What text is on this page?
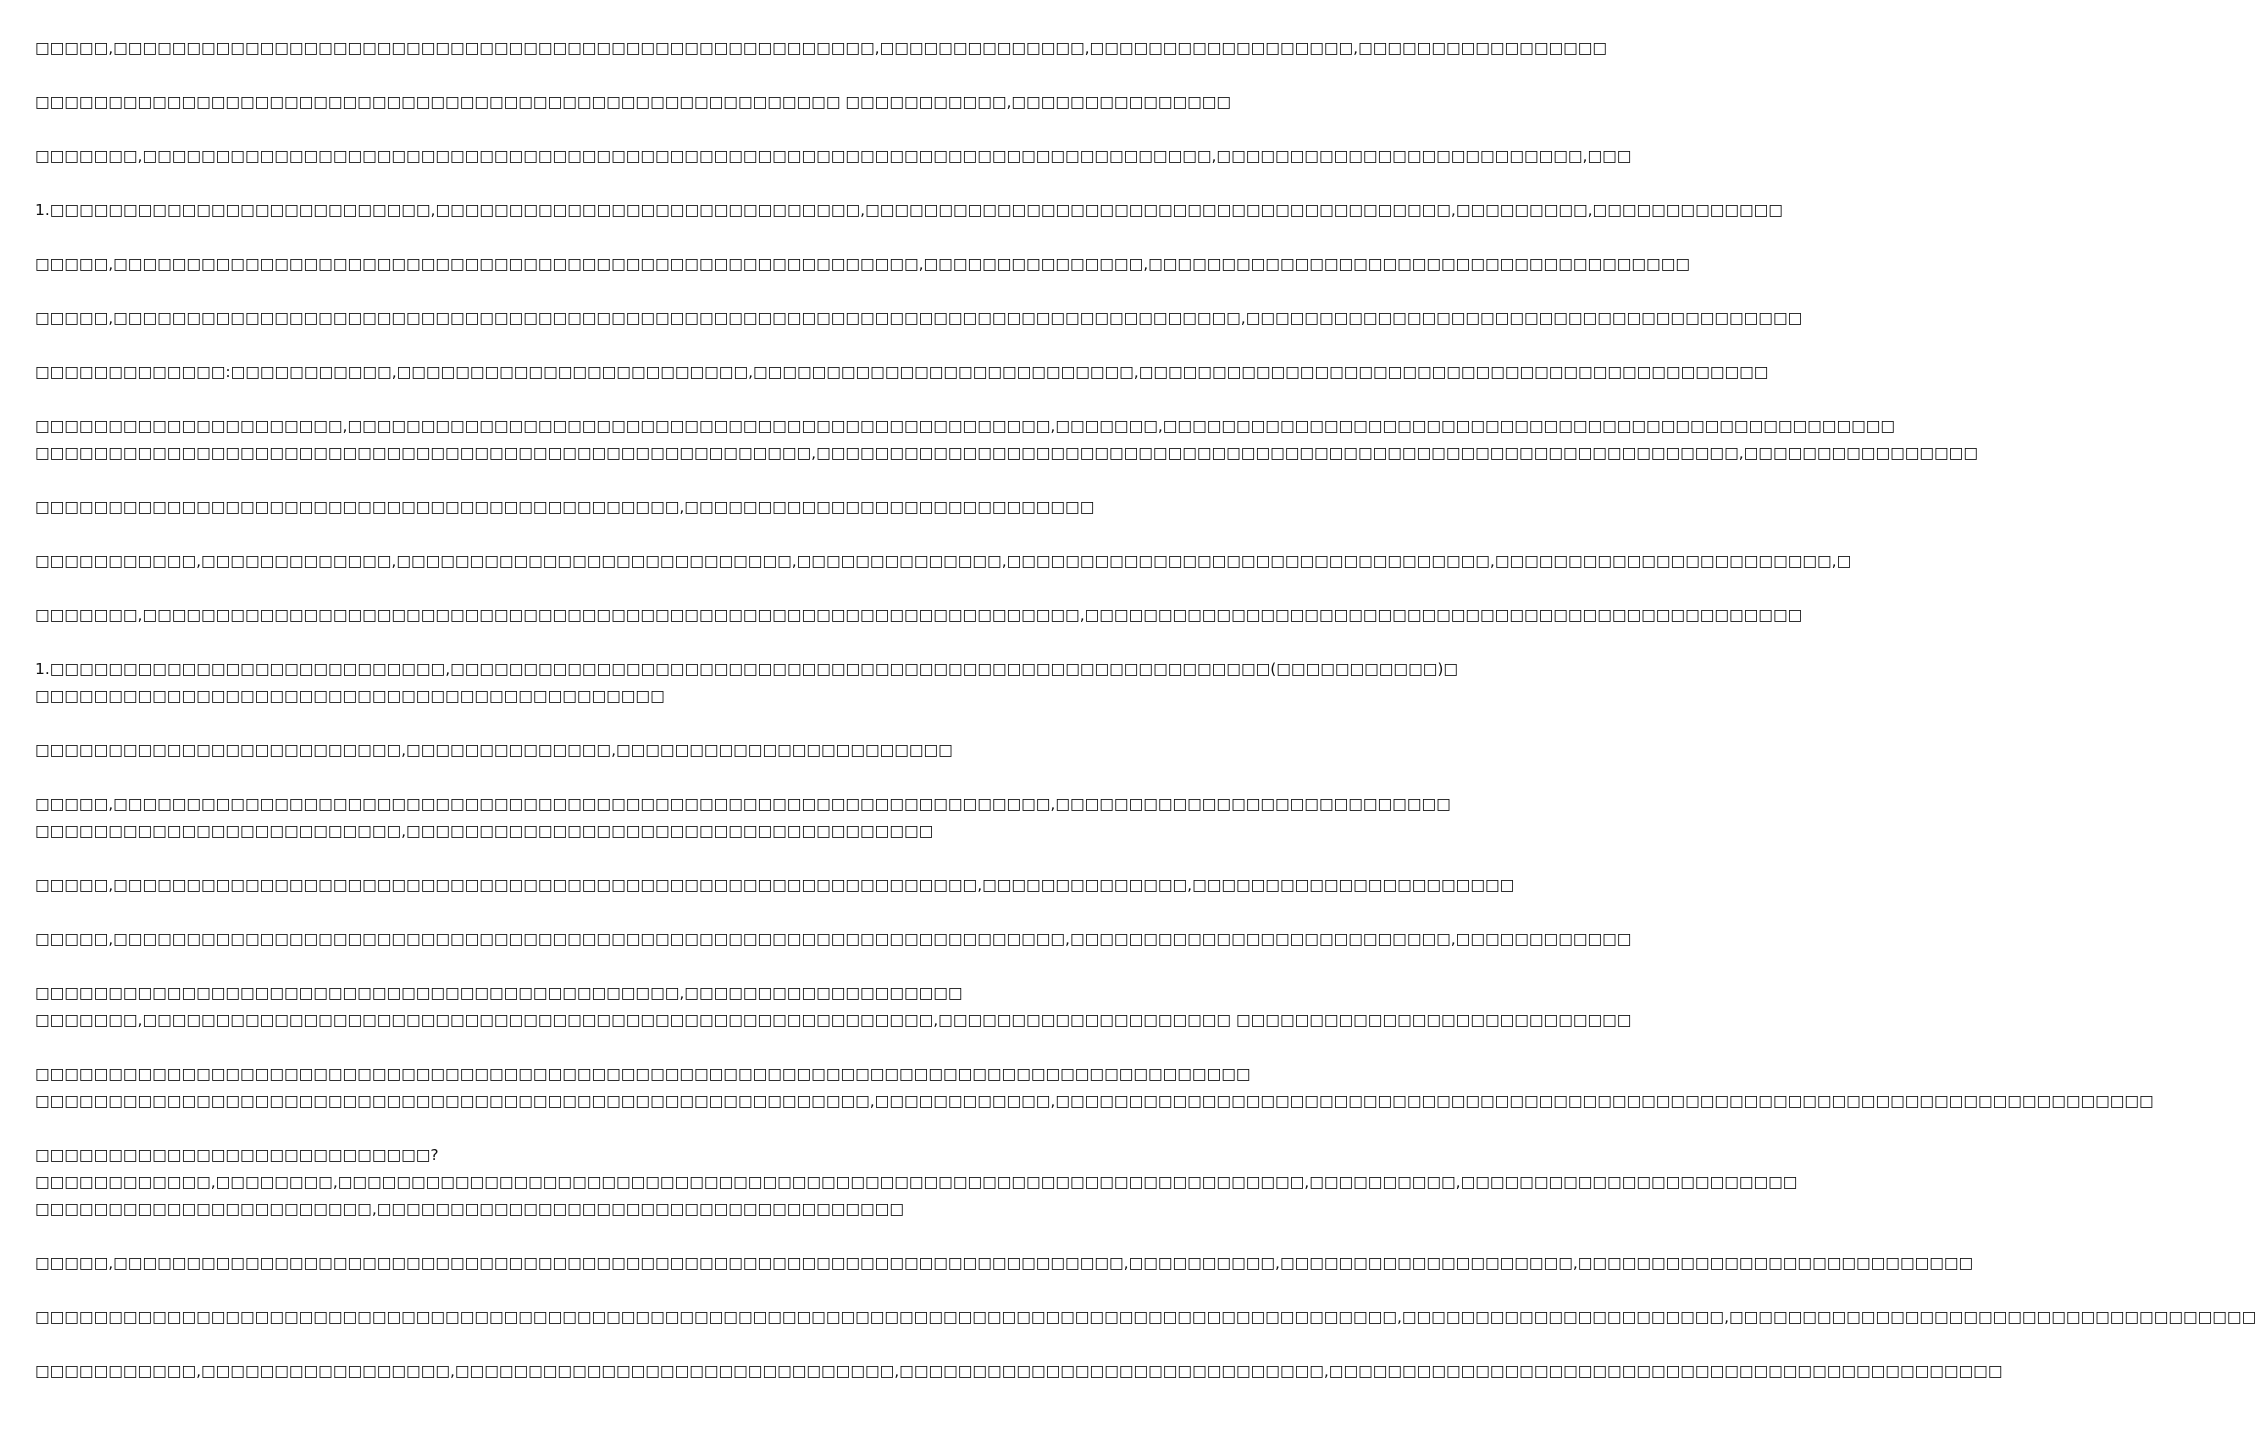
□□□□□,□□□□□□□□□□□□□□□□□□□□□□□□□□□□□□□□□□□□□□□□□□□□□□□□□□□□,□□□□□□□□□□□□□□,□□□□□□□□□□□□□□□□□□,□□□□□□□□□□□□□□□□□
□□□□□□□□□□□□□□□□□□□□□□□□□□□□□□□□□□□□□□□□□□□□□□□□□□□□□□□ □□□□□□□□□□□,□□□□□□□□□□□□□□□
□□□□□□□,□□□□□□□□□□□□□□□□□□□□□□□□□□□□□□□□□□□□□□□□□□□□□□□□□□□□□□□□□□□□□□□□□□□□□□□□□,□□□□□□□□□□□□□□□□□□□□□□□□□,□□□
1.□□□□□□□□□□□□□□□□□□□□□□□□□□,□□□□□□□□□□□□□□□□□□□□□□□□□□□□□,□□□□□□□□□□□□□□□□□□□□□□□□□□□□□□□□□□□□□□□□,□□□□□□□□□,□□□□□□□□□□□□□
□□□□□,□□□□□□□□□□□□□□□□□□□□□□□□□□□□□□□□□□□□□□□□□□□□□□□□□□□□□□□,□□□□□□□□□□□□□□□,□□□□□□□□□□□□□□□□□□□□□□□□□□□□□□□□□□□□□
□□□□□,□□□□□□□□□□□□□□□□□□□□□□□□□□□□□□□□□□□□□□□□□□□□□□□□□□□□□□□□□□□□□□□□□□□□□□□□□□□□□,□□□□□□□□□□□□□□□□□□□□□□□□□□□□□□□□□□□□□□
□□□□□□□□□□□□□:□□□□□□□□□□□,□□□□□□□□□□□□□□□□□□□□□□□□,□□□□□□□□□□□□□□□□□□□□□□□□□□,□□□□□□□□□□□□□□□□□□□□□□□□□□□□□□□□□□□□□□□□□□□
□□□□□□□□□□□□□□□□□□□□□,□□□□□□□□□□□□□□□□□□□□□□□□□□□□□□□□□□□□□□□□□□□□□□□□,□□□□□□□,□□□□□□□□□□□□□□□□□□□□□□□□□□□□□□□□□□□□□□□□□□□□□□□□□□
□□□□□□□□□□□□□□□□□□□□□□□□□□□□□□□□□□□□□□□□□□□□□□□□□□□□□,□□□□□□□□□□□□□□□□□□□□□□□□□□□□□□□□□□□□□□□□□□□□□□□□□□□□□□□□□□□□□□□,□□□□□□□□□□□□□□□□
□□□□□□□□□□□□□□□□□□□□□□□□□□□□□□□□□□□□□□□□□□□□,□□□□□□□□□□□□□□□□□□□□□□□□□□□□
□□□□□□□□□□□,□□□□□□□□□□□□□,□□□□□□□□□□□□□□□□□□□□□□□□□□□,□□□□□□□□□□□□□□,□□□□□□□□□□□□□□□□□□□□□□□□□□□□□□□□□,□□□□□□□□□□□□□□□□□□□□□□□,□
□□□□□□□,□□□□□□□□□□□□□□□□□□□□□□□□□□□□□□□□□□□□□□□□□□□□□□□□□□□□□□□□□□□□□□□□,□□□□□□□□□□□□□□□□□□□□□□□□□□□□□□□□□□□□□□□□□□□□□□□□□
1.□□□□□□□□□□□□□□□□□□□□□□□□□□□,□□□□□□□□□□□□□□□□□□□□□□□□□□□□□□□□□□□□□□□□□□□□□□□□□□□□□□□□(□□□□□□□□□□□)□
□□□□□□□□□□□□□□□□□□□□□□□□□□□□□□□□□□□□□□□□□□□
□□□□□□□□□□□□□□□□□□□□□□□□□,□□□□□□□□□□□□□□,□□□□□□□□□□□□□□□□□□□□□□□
□□□□□,□□□□□□□□□□□□□□□□□□□□□□□□□□□□□□□□□□□□□□□□□□□□□□□□□□□□□□□□□□□□□□□□,□□□□□□□□□□□□□□□□□□□□□□□□□□□
□□□□□□□□□□□□□□□□□□□□□□□□□,□□□□□□□□□□□□□□□□□□□□□□□□□□□□□□□□□□□□
□□□□□,□□□□□□□□□□□□□□□□□□□□□□□□□□□□□□□□□□□□□□□□□□□□□□□□□□□□□□□□□□□,□□□□□□□□□□□□□□,□□□□□□□□□□□□□□□□□□□□□□
□□□□□,□□□□□□□□□□□□□□□□□□□□□□□□□□□□□□□□□□□□□□□□□□□□□□□□□□□□□□□□□□□□□□□□□,□□□□□□□□□□□□□□□□□□□□□□□□□□,□□□□□□□□□□□□
□□□□□□□□□□□□□□□□□□□□□□□□□□□□□□□□□□□□□□□□□□□□,□□□□□□□□□□□□□□□□□□□
□□□□□□□,□□□□□□□□□□□□□□□□□□□□□□□□□□□□□□□□□□□□□□□□□□□□□□□□□□□□□□,□□□□□□□□□□□□□□□□□□□□ □□□□□□□□□□□□□□□□□□□□□□□□□□□
□□□□□□□□□□□□□□□□□□□□□□□□□□□□□□□□□□□□□□□□□□□□□□□□□□□□□□□□□□□□□□□□□□□□□□□□□□□□□□□□□□□
□□□□□□□□□□□□□□□□□□□□□□□□□□□□□□□□□□□□□□□□□□□□□□□□□□□□□□□□□,□□□□□□□□□□□□,□□□□□□□□□□□□□□□□□□□□□□□□□□□□□□□□□□□□□□□□□□□□□□□□□□□□□□□□□□□□□□□□□□□□□□□□□□□
□□□□□□□□□□□□□□□□□□□□□□□□□□□?
□□□□□□□□□□□□,□□□□□□□□,□□□□□□□□□□□□□□□□□□□□□□□□□□□□□□□□□□□□□□□□□□□□□□□□□□□□□□□□□□□□□□□□□□,□□□□□□□□□□,□□□□□□□□□□□□□□□□□□□□□□□
□□□□□□□□□□□□□□□□□□□□□□□,□□□□□□□□□□□□□□□□□□□□□□□□□□□□□□□□□□□□
□□□□□,□□□□□□□□□□□□□□□□□□□□□□□□□□□□□□□□□□□□□□□□□□□□□□□□□□□□□□□□□□□□□□□□□□□□□,□□□□□□□□□□,□□□□□□□□□□□□□□□□□□□□,□□□□□□□□□□□□□□□□□□□□□□□□□□□
□□□□□□□□□□□□□□□□□□□□□□□□□□□□□□□□□□□□□□□□□□□□□□□□□□□□□□□□□□□□□□□□□□□□□□□□□□□□□□□□□□□□□□□□□□□□□,□□□□□□□□□□□□□□□□□□□□□□,□□□□□□□□□□□□□□□□□□□□□□□□□□□□□□□□□□□□
□□□□□□□□□□□,□□□□□□□□□□□□□□□□□,□□□□□□□□□□□□□□□□□□□□□□□□□□□□□□,□□□□□□□□□□□□□□□□□□□□□□□□□□□□□,□□□□□□□□□□□□□□□□□□□□□□□□□□□□□□□□□□□□□□□□□□□□□□
